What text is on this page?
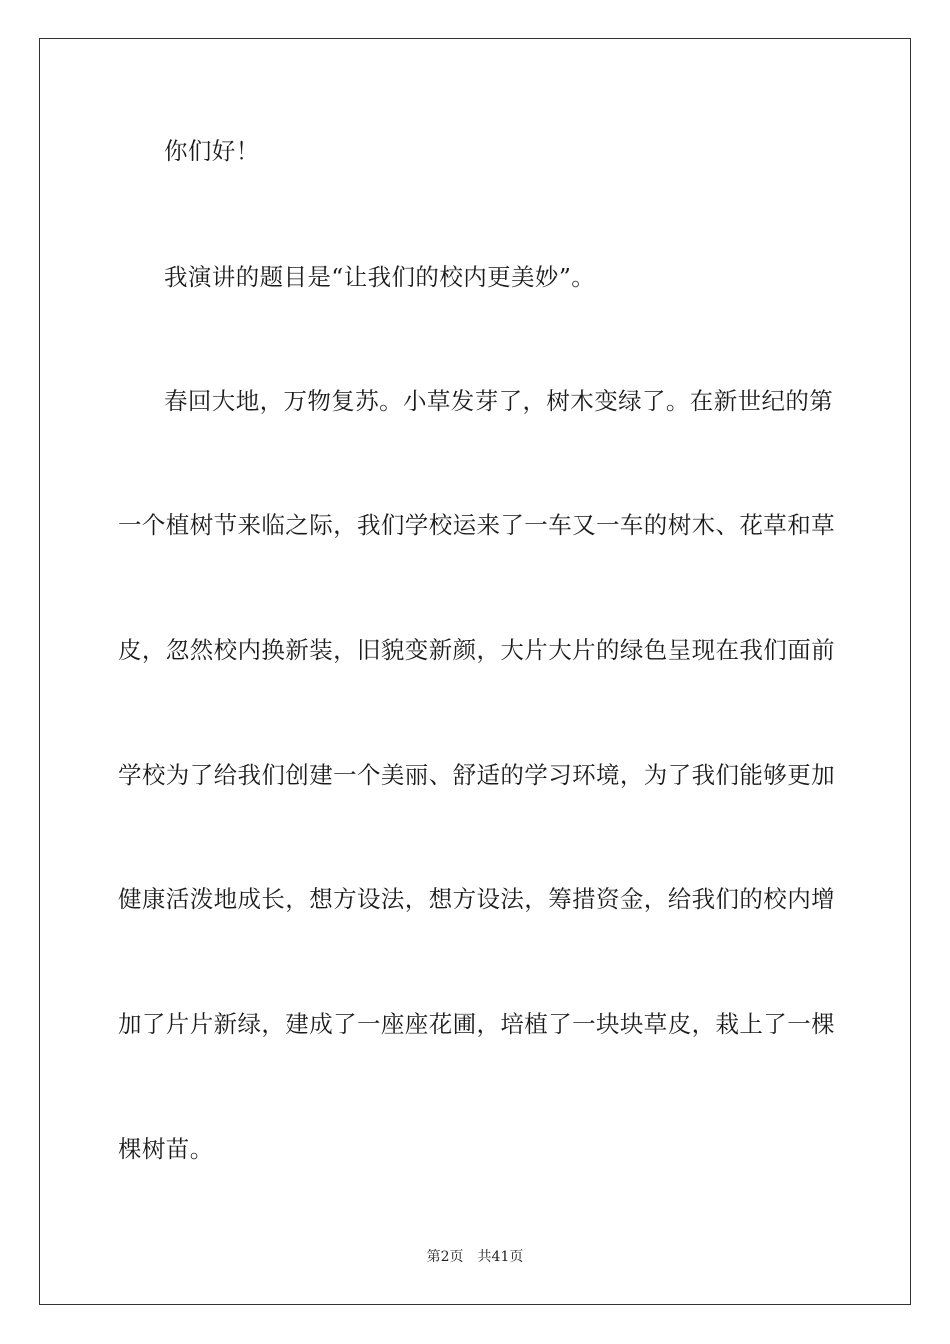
你们好！
我演讲的题目是“让我们的校内更美妙”。
春回大地，万物复苏。小草发芽了，树木变绿了。在新世纪的第
一个植树节来临之际，我们学校运来了一车又一车的树木、花草和草
皮，忽然校内换新装，旧貌变新颜，大片大片的绿色呈现在我们面前
学校为了给我们创建一个美丽、舒适的学习环境，为了我们能够更加
健康活泼地成长，想方设法，想方设法，筹措资金，给我们的校内增
加了片片新绿，建成了一座座花圃，培植了一块块草皮，栽上了一棵
棵树苗。
第2页 共41页
